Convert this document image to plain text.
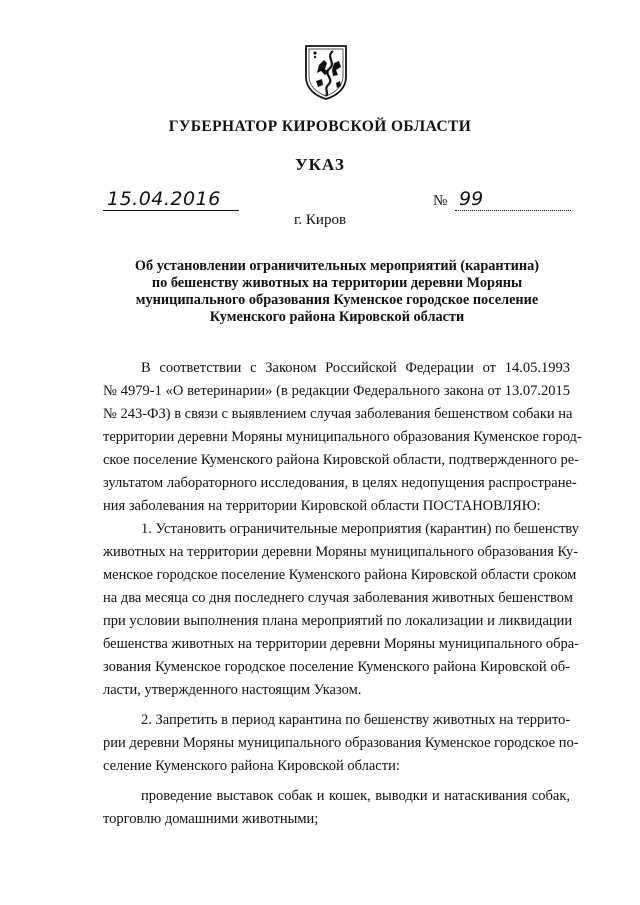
ГУБЕРНАТОР КИРОВСКОЙ ОБЛАСТИ
УКАЗ
15.04.2016	№ 99
г. Киров

Об установлении ограничительных мероприятий (карантина)
по бешенству животных на территории деревни Моряны
муниципального образования Куменское городское поселение
Куменского района Кировской области

В соответствии с Законом Российской Федерации от 14.05.1993
№ 4979-1 «О ветеринарии» (в редакции Федерального закона от 13.07.2015
№ 243-ФЗ) в связи с выявлением случая заболевания бешенством собаки на
территории деревни Моряны муниципального образования Куменское город-
ское поселение Куменского района Кировской области, подтвержденного ре-
зультатом лабораторного исследования, в целях недопущения распростране-
ния заболевания на территории Кировской области ПОСТАНОВЛЯЮ:
1. Установить ограничительные мероприятия (карантин) по бешенству
животных на территории деревни Моряны муниципального образования Ку-
менское городское поселение Куменского района Кировской области сроком
на два месяца со дня последнего случая заболевания животных бешенством
при условии выполнения плана мероприятий по локализации и ликвидации
бешенства животных на территории деревни Моряны муниципального обра-
зования Куменское городское поселение Куменского района Кировской об-
ласти, утвержденного настоящим Указом.
2. Запретить в период карантина по бешенству животных на террито-
рии деревни Моряны муниципального образования Куменское городское по-
селение Куменского района Кировской области:
проведение выставок собак и кошек, выводки и натаскивания собак,
торговлю домашними животными;
